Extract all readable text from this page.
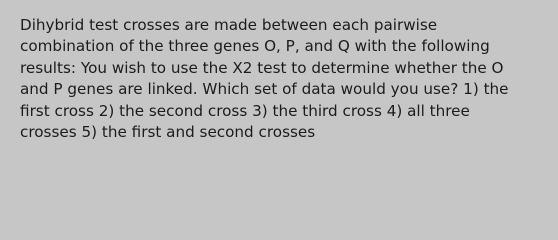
Dihybrid test crosses are made between each pairwise
combination of the three genes O, P, and Q with the following
results: You wish to use the X2 test to determine whether the O
and P genes are linked. Which set of data would you use? 1) the
first cross 2) the second cross 3) the third cross 4) all three
crosses 5) the first and second crosses
